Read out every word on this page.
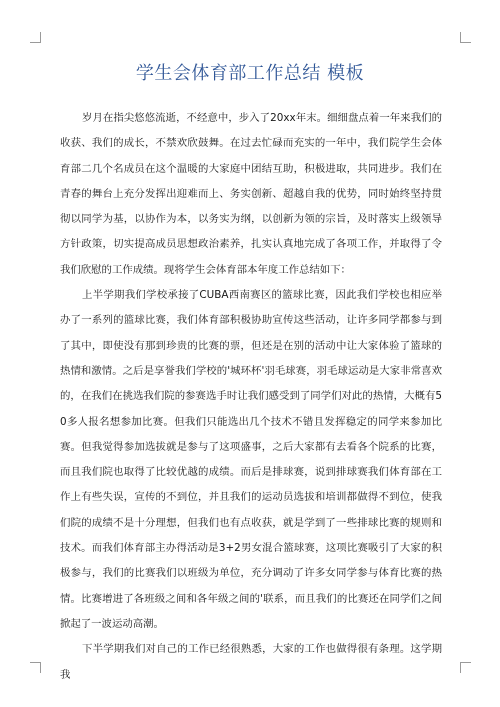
学生会体育部工作总结 模板

岁月在指尖悠悠流逝，不经意中，步入了20xx年末。细细盘点着一年来我们的收获、我们的成长，不禁欢欣鼓舞。在过去忙碌而充实的一年中，我们院学生会体育部二几个名成员在这个温暖的大家庭中团结互助，积极进取，共同进步。我们在青春的舞台上充分发挥出迎难而上、务实创新、超越自我的优势，同时始终坚持贯彻以同学为基，以协作为本，以务实为纲，以创新为领的宗旨，及时落实上级领导方针政策，切实提高成员思想政治素养，扎实认真地完成了各项工作，并取得了令我们欣慰的工作成绩。现将学生会体育部本年度工作总结如下：

上半学期我们学校承接了CUBA西南赛区的篮球比赛，因此我们学校也相应举办了一系列的篮球比赛，我们体育部积极协助宣传这些活动，让许多同学都参与到了其中，即使没有那到珍贵的比赛的票，但还是在别的活动中让大家体验了篮球的热情和激情。之后是享誉我们学校的'城环杯'羽毛球赛，羽毛球运动是大家非常喜欢的，在我们在挑选我们院的参赛选手时让我们感受到了同学们对此的热情，大概有50多人报名想参加比赛。但我们只能选出几个技术不错且发挥稳定的同学来参加比赛。但我觉得参加选拔就是参与了这项盛事，之后大家都有去看各个院系的比赛，而且我们院也取得了比较优越的成绩。而后是排球赛，说到排球赛我们体育部在工作上有些失误，宣传的不到位，并且我们的运动员选拔和培训都做得不到位，使我们院的成绩不是十分理想，但我们也有点收获，就是学到了一些排球比赛的规则和技术。而我们体育部主办得活动是3+2男女混合篮球赛，这项比赛吸引了大家的积极参与，我们的比赛我们以班级为单位，充分调动了许多女同学参与体育比赛的热情。比赛增进了各班级之间和各年级之间的'联系，而且我们的比赛还在同学们之间掀起了一波运动高潮。

下半学期我们对自己的工作已经很熟悉，大家的工作也做得很有条理。这学期我
